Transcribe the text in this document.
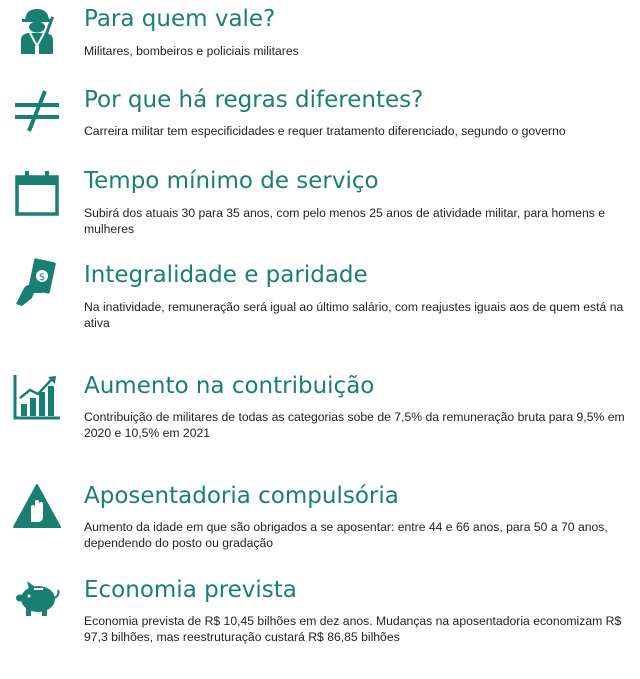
Para quem vale?

Militares, bombeiros e policiais militares

Por que há regras diferentes?

Carreira militar tem especificidades e requer tratamento diferenciado, segundo o governo

Tempo mínimo de serviço

Subirá dos atuais 30 para 35 anos, com pelo menos 25 anos de atividade militar, para homens e mulheres

$ Integralidade e paridade

Na inatividade, remuneração será igual ao último salário, com reajustes iguais aos de quem está na ativa

Aumento na contribuição

Contribuição de militares de todas as categorias sobe de 7,5% da remuneração bruta para 9,5% em 2020 e 10,5% em 2021

Aposentadoria compulsória

Aumento da idade em que são obrigados a se aposentar: entre 44 e 66 anos, para 50 a 70 anos, dependendo do posto ou gradação

Economia prevista

Economia prevista de R$ 10,45 bilhões em dez anos. Mudanças na aposentadoria economizam R$ 97,3 bilhões, mas reestruturação custará R$ 86,85 bilhões
